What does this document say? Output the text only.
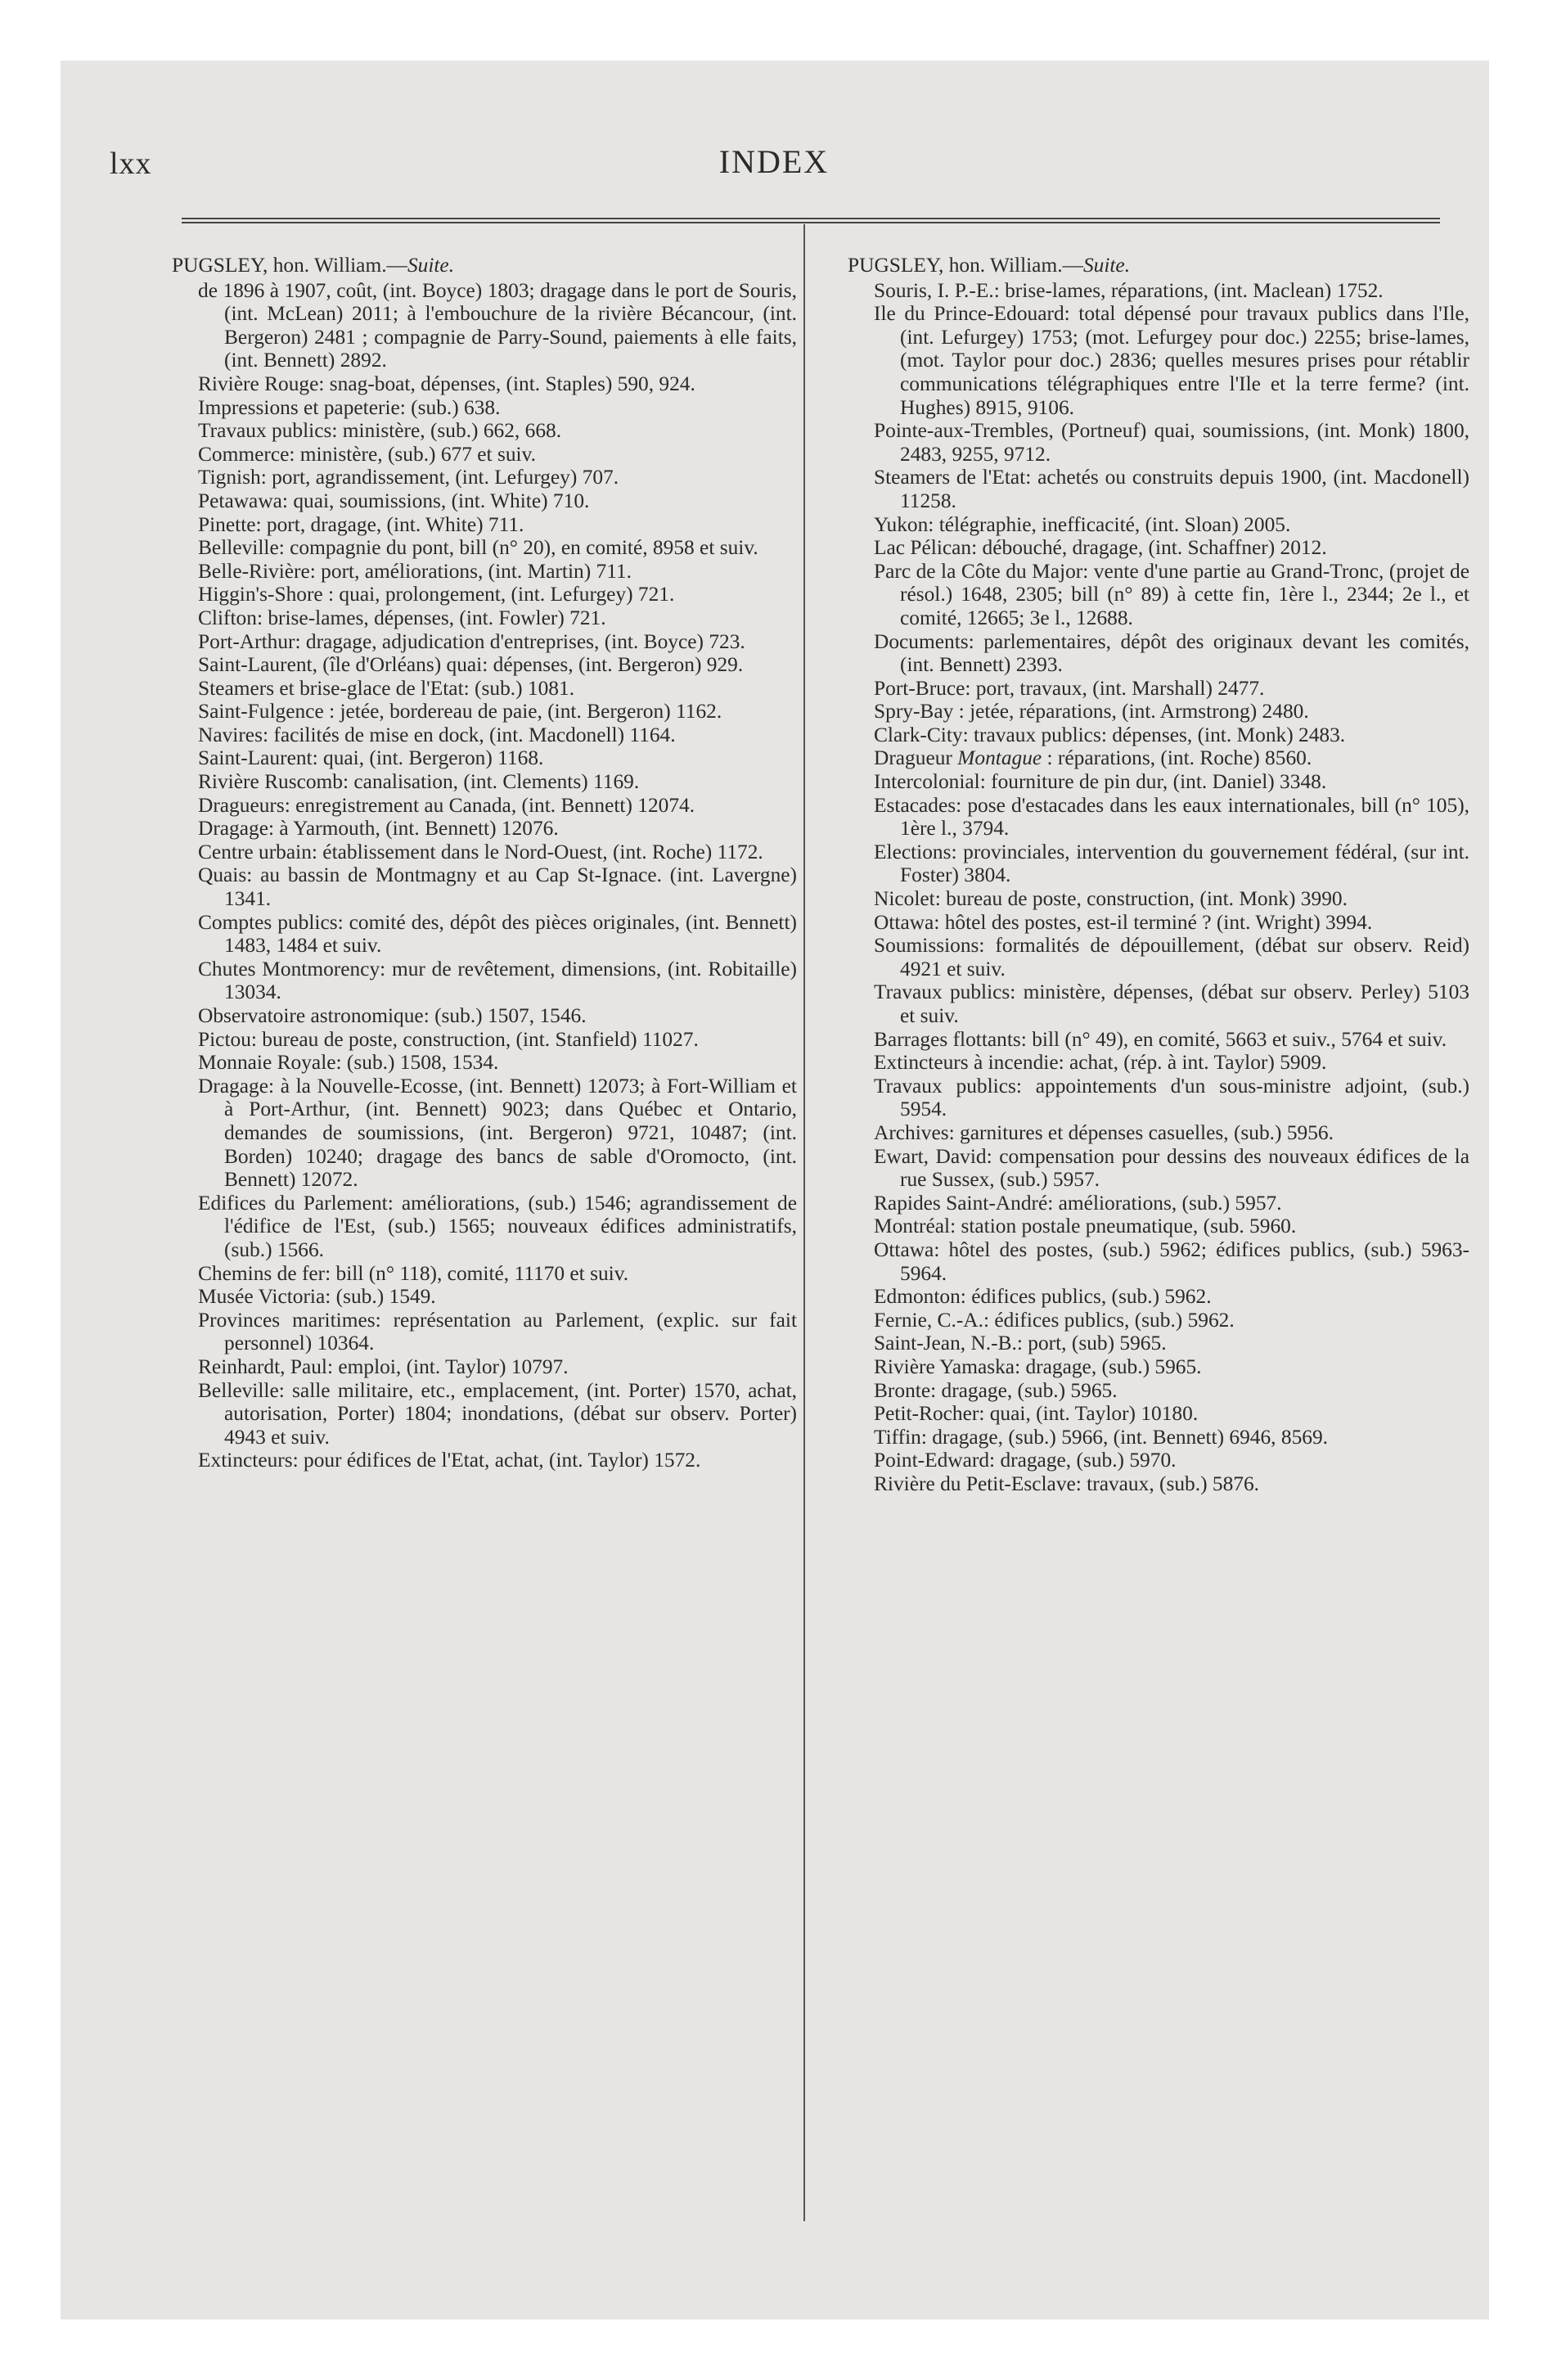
lxx	INDEX

PUGSLEY, hon. William.—Suite.

de 1896 à 1907, coût, (int. Boyce) 1803; dragage dans le port de Souris, (int. McLean) 2011; à l'embouchure de la rivière Bécancour, (int. Bergeron) 2481 ; compagnie de Parry-Sound, paiements à elle faits, (int. Bennett) 2892.

Rivière Rouge: snag-boat, dépenses, (int. Staples) 590, 924.

Impressions et papeterie: (sub.) 638.

Travaux publics: ministère, (sub.) 662, 668.

Commerce: ministère, (sub.) 677 et suiv.

Tignish: port, agrandissement, (int. Lefurgey) 707.

Petawawa: quai, soumissions, (int. White) 710.

Pinette: port, dragage, (int. White) 711.

Belleville: compagnie du pont, bill (n° 20), en comité, 8958 et suiv.

Belle-Rivière: port, améliorations, (int. Martin) 711.

Higgin's-Shore : quai, prolongement, (int. Lefurgey) 721.

Clifton: brise-lames, dépenses, (int. Fowler) 721.

Port-Arthur: dragage, adjudication d'entreprises, (int. Boyce) 723.

Saint-Laurent, (île d'Orléans) quai: dépenses, (int. Bergeron) 929.

Steamers et brise-glace de l'Etat: (sub.) 1081.

Saint-Fulgence : jetée, bordereau de paie, (int. Bergeron) 1162.

Navires: facilités de mise en dock, (int. Macdonell) 1164.

Saint-Laurent: quai, (int. Bergeron) 1168.

Rivière Ruscomb: canalisation, (int. Clements) 1169.

Dragueurs: enregistrement au Canada, (int. Bennett) 12074.

Dragage: à Yarmouth, (int. Bennett) 12076.

Centre urbain: établissement dans le Nord-Ouest, (int. Roche) 1172.

Quais: au bassin de Montmagny et au Cap St-Ignace. (int. Lavergne) 1341.

Comptes publics: comité des, dépôt des pièces originales, (int. Bennett) 1483, 1484 et suiv.

Chutes Montmorency: mur de revêtement, dimensions, (int. Robitaille) 13034.

Observatoire astronomique: (sub.) 1507, 1546.

Pictou: bureau de poste, construction, (int. Stanfield) 11027.

Monnaie Royale: (sub.) 1508, 1534.

Dragage: à la Nouvelle-Ecosse, (int. Bennett) 12073; à Fort-William et à Port-Arthur, (int. Bennett) 9023; dans Québec et Ontario, demandes de soumissions, (int. Bergeron) 9721, 10487; (int. Borden) 10240; dragage des bancs de sable d'Oromocto, (int. Bennett) 12072.

Edifices du Parlement: améliorations, (sub.) 1546; agrandissement de l'édifice de l'Est, (sub.) 1565; nouveaux édifices administratifs, (sub.) 1566.

Chemins de fer: bill (n° 118), comité, 11170 et suiv.

Musée Victoria: (sub.) 1549.

Provinces maritimes: représentation au Parlement, (explic. sur fait personnel) 10364.

Reinhardt, Paul: emploi, (int. Taylor) 10797.

Belleville: salle militaire, etc., emplacement, (int. Porter) 1570, achat, autorisation, Porter) 1804; inondations, (débat sur observ. Porter) 4943 et suiv.

Extincteurs: pour édifices de l'Etat, achat, (int. Taylor) 1572.

PUGSLEY, hon. William.—Suite.

Souris, I. P.-E.: brise-lames, réparations, (int. Maclean) 1752.

Ile du Prince-Edouard: total dépensé pour travaux publics dans l'Ile, (int. Lefurgey) 1753; (mot. Lefurgey pour doc.) 2255; brise-lames, (mot. Taylor pour doc.) 2836; quelles mesures prises pour rétablir communications télégraphiques entre l'Ile et la terre ferme? (int. Hughes) 8915, 9106.

Pointe-aux-Trembles, (Portneuf) quai, soumissions, (int. Monk) 1800, 2483, 9255, 9712.

Steamers de l'Etat: achetés ou construits depuis 1900, (int. Macdonell) 11258.

Yukon: télégraphie, inefficacité, (int. Sloan) 2005.

Lac Pélican: débouché, dragage, (int. Schaffner) 2012.

Parc de la Côte du Major: vente d'une partie au Grand-Tronc, (projet de résol.) 1648, 2305; bill (n° 89) à cette fin, 1ère l., 2344; 2e l., et comité, 12665; 3e l., 12688.

Documents: parlementaires, dépôt des originaux devant les comités, (int. Bennett) 2393.

Port-Bruce: port, travaux, (int. Marshall) 2477.

Spry-Bay : jetée, réparations, (int. Armstrong) 2480.

Clark-City: travaux publics: dépenses, (int. Monk) 2483.

Dragueur Montague : réparations, (int. Roche) 8560.

Intercolonial: fourniture de pin dur, (int. Daniel) 3348.

Estacades: pose d'estacades dans les eaux internationales, bill (n° 105), 1ère l., 3794.

Elections: provinciales, intervention du gouvernement fédéral, (sur int. Foster) 3804.

Nicolet: bureau de poste, construction, (int. Monk) 3990.

Ottawa: hôtel des postes, est-il terminé ? (int. Wright) 3994.

Soumissions: formalités de dépouillement, (débat sur observ. Reid) 4921 et suiv.

Travaux publics: ministère, dépenses, (débat sur observ. Perley) 5103 et suiv.

Barrages flottants: bill (n° 49), en comité, 5663 et suiv., 5764 et suiv.

Extincteurs à incendie: achat, (rép. à int. Taylor) 5909.

Travaux publics: appointements d'un sous-ministre adjoint, (sub.) 5954.

Archives: garnitures et dépenses casuelles, (sub.) 5956.

Ewart, David: compensation pour dessins des nouveaux édifices de la rue Sussex, (sub.) 5957.

Rapides Saint-André: améliorations, (sub.) 5957.

Montréal: station postale pneumatique, (sub. 5960.

Ottawa: hôtel des postes, (sub.) 5962; édifices publics, (sub.) 5963-5964.

Edmonton: édifices publics, (sub.) 5962.

Fernie, C.-A.: édifices publics, (sub.) 5962.

Saint-Jean, N.-B.: port, (sub) 5965.

Rivière Yamaska: dragage, (sub.) 5965.

Bronte: dragage, (sub.) 5965.

Petit-Rocher: quai, (int. Taylor) 10180.

Tiffin: dragage, (sub.) 5966, (int. Bennett) 6946, 8569.

Point-Edward: dragage, (sub.) 5970.

Rivière du Petit-Esclave: travaux, (sub.) 5876.
